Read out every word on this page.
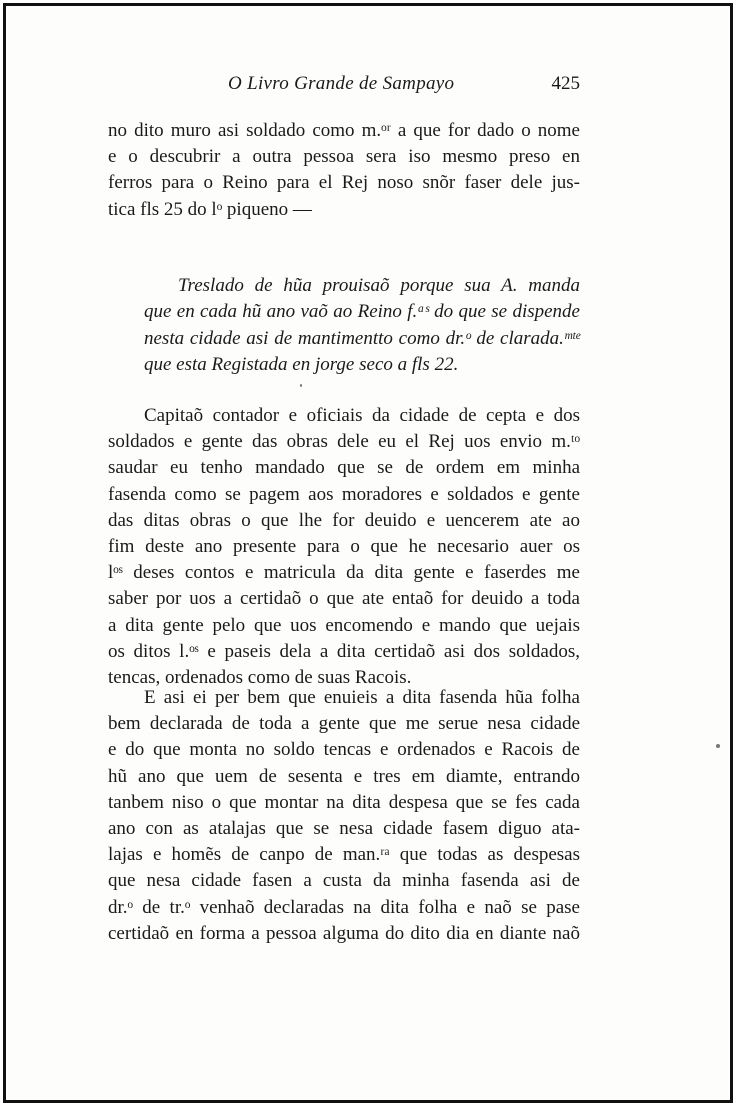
O Livro Grande de Sampayo	425
no dito muro asi soldado como m.ᵒʳ a que for dado o nome
e o descubrir a outra pessoa sera iso mesmo preso en
ferros para o Reino para el Rej noso snõr faser dele jus-
tica fls 25 do lᵒ piqueno —
Treslado de hũa prouisaõ porque sua A. manda
que en cada hũ ano vaõ ao Reino f.ᵃˢ do que se dispende
nesta cidade asi de mantimentto como dr.ᵒ de clarada.ᵐᵗᵉ
que esta Registada en jorge seco a fls 22.
Capitaõ contador e oficiais da cidade de cepta e dos
soldados e gente das obras dele eu el Rej uos envio m.ᵗᵒ
saudar eu tenho mandado que se de ordem em minha
fasenda como se pagem aos moradores e soldados e gente
das ditas obras o que lhe for deuido e uencerem ate ao
fim deste ano presente para o que he necesario auer os
lᵒˢ deses contos e matricula da dita gente e faserdes me
saber por uos a certidaõ o que ate entaõ for deuido a toda
a dita gente pelo que uos encomendo e mando que uejais
os ditos l.ᵒˢ e paseis dela a dita certidaõ asi dos soldados,
tencas, ordenados como de suas Racois.
E asi ei per bem que enuieis a dita fasenda hũa folha
bem declarada de toda a gente que me serue nesa cidade
e do que monta no soldo tencas e ordenados e Racois de
hũ ano que uem de sesenta e tres em diamte, entrando
tanbem niso o que montar na dita despesa que se fes cada
ano con as atalajas que se nesa cidade fasem diguo ata-
lajas e homẽs de canpo de man.ʳᵃ que todas as despesas
que nesa cidade fasen a custa da minha fasenda asi de
dr.ᵒ de tr.ᵒ venhaõ declaradas na dita folha e naõ se pase
certidaõ en forma a pessoa alguma do dito dia en diante naõ
